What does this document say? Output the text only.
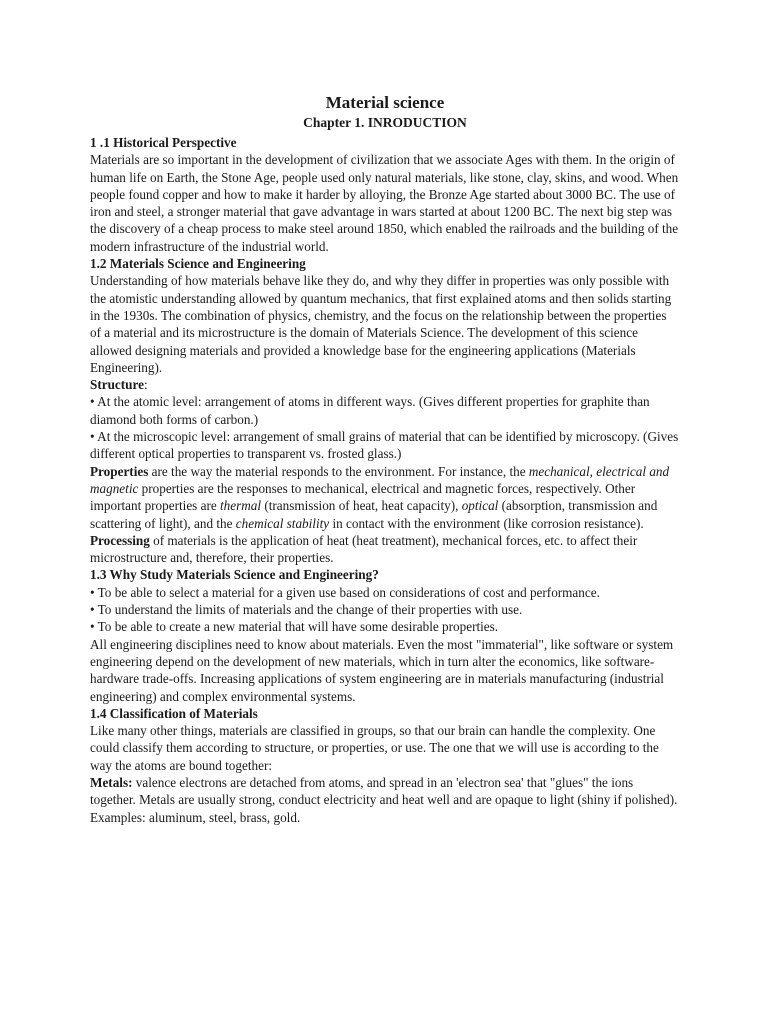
Material science
Chapter 1. INRODUCTION
1 .1 Historical Perspective
Materials are so important in the development of civilization that we associate Ages with them. In the origin of human life on Earth, the Stone Age, people used only natural materials, like stone, clay, skins, and wood. When people found copper and how to make it harder by alloying, the Bronze Age started about 3000 BC. The use of iron and steel, a stronger material that gave advantage in wars started at about 1200 BC. The next big step was the discovery of a cheap process to make steel around 1850, which enabled the railroads and the building of the modern infrastructure of the industrial world.
1.2 Materials Science and Engineering
Understanding of how materials behave like they do, and why they differ in properties was only possible with the atomistic understanding allowed by quantum mechanics, that first explained atoms and then solids starting in the 1930s. The combination of physics, chemistry, and the focus on the relationship between the properties of a material and its microstructure is the domain of Materials Science. The development of this science allowed designing materials and provided a knowledge base for the engineering applications (Materials Engineering).
Structure:
• At the atomic level: arrangement of atoms in different ways. (Gives different properties for graphite than diamond both forms of carbon.)
• At the microscopic level: arrangement of small grains of material that can be identified by microscopy. (Gives different optical properties to transparent vs. frosted glass.)
Properties are the way the material responds to the environment. For instance, the mechanical, electrical and magnetic properties are the responses to mechanical, electrical and magnetic forces, respectively. Other important properties are thermal (transmission of heat, heat capacity), optical (absorption, transmission and scattering of light), and the chemical stability in contact with the environment (like corrosion resistance).
Processing of materials is the application of heat (heat treatment), mechanical forces, etc. to affect their microstructure and, therefore, their properties.
1.3 Why Study Materials Science and Engineering?
• To be able to select a material for a given use based on considerations of cost and performance.
• To understand the limits of materials and the change of their properties with use.
• To be able to create a new material that will have some desirable properties.
All engineering disciplines need to know about materials. Even the most "immaterial", like software or system engineering depend on the development of new materials, which in turn alter the economics, like software-hardware trade-offs. Increasing applications of system engineering are in materials manufacturing (industrial engineering) and complex environmental systems.
1.4 Classification of Materials
Like many other things, materials are classified in groups, so that our brain can handle the complexity. One could classify them according to structure, or properties, or use. The one that we will use is according to the way the atoms are bound together:
Metals: valence electrons are detached from atoms, and spread in an 'electron sea' that "glues" the ions together. Metals are usually strong, conduct electricity and heat well and are opaque to light (shiny if polished). Examples: aluminum, steel, brass, gold.
